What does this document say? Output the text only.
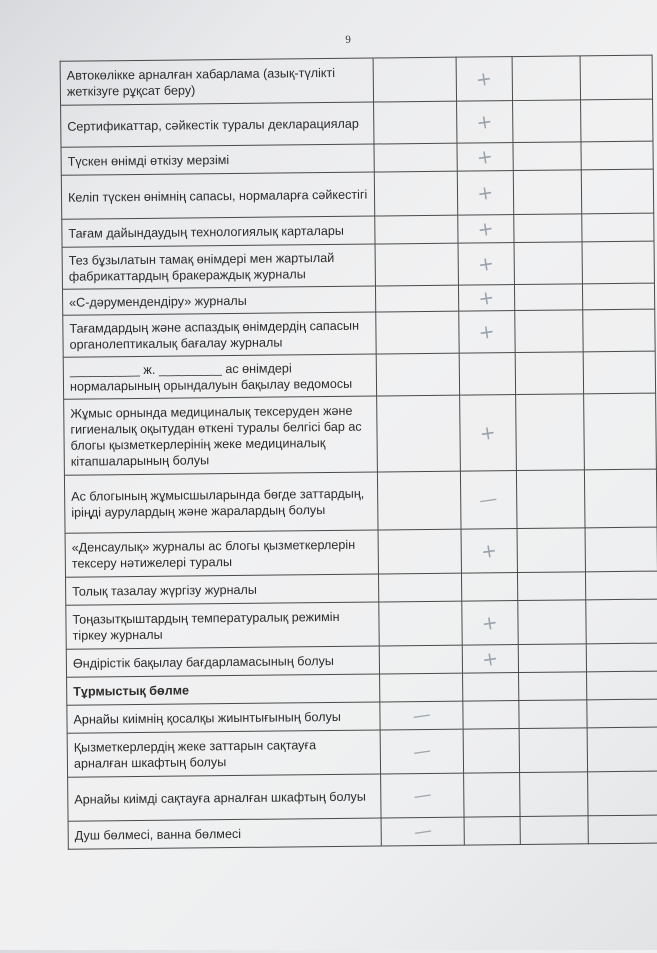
9
Автокөлікке арналған хабарлама (азық-түлікті жеткізуге рұқсат беру)		+		

Сертификаттар, сәйкестік туралы декларациялар		+		

Түскен өнімді өткізу мерзімі		+		

Келіп түскен өнімнің сапасы, нормаларға сәйкестігі		+		

Тағам дайындаудың технологиялық карталары		+		

Тез бұзылатын тамақ өнімдері мен жартылай фабрикаттардың бракераждық журналы		+		

«С-дәрумендендіру» журналы		+		

Тағамдардың және аспаздық өнімдердің сапасын органолептикалық бағалау журналы		+		

__________ ж. _________ ас өнімдері нормаларының орындалуын бақылау ведомосы				
Жұмыс орнында медициналық тексеруден және гигиеналық оқытудан өткені туралы белгісі бар ас блогы қызметкерлерінің жеке медициналық кітапшаларының болуы		+		

Ас блогының жұмысшыларында бөгде заттардың, іріңді аурулардың және жаралардың болуы		—		

«Денсаулық» журналы ас блогы қызметкерлерін тексеру нәтижелері туралы		+		

Толық тазалау жүргізу журналы				
Тоңазытқыштардың температуралық режимін тіркеу журналы		+		

Өндірістік бақылау бағдарламасының болуы		+		

Тұрмыстық бөлме				
Арнайы киімнің қосалқы жиынтығының болуы	—			

Қызметкерлердің жеке заттарын сақтауға арналған шкафтың болуы	—			

Арнайы киімді сақтауға арналған шкафтың болуы	—			

Душ бөлмесі, ванна бөлмесі	—			
